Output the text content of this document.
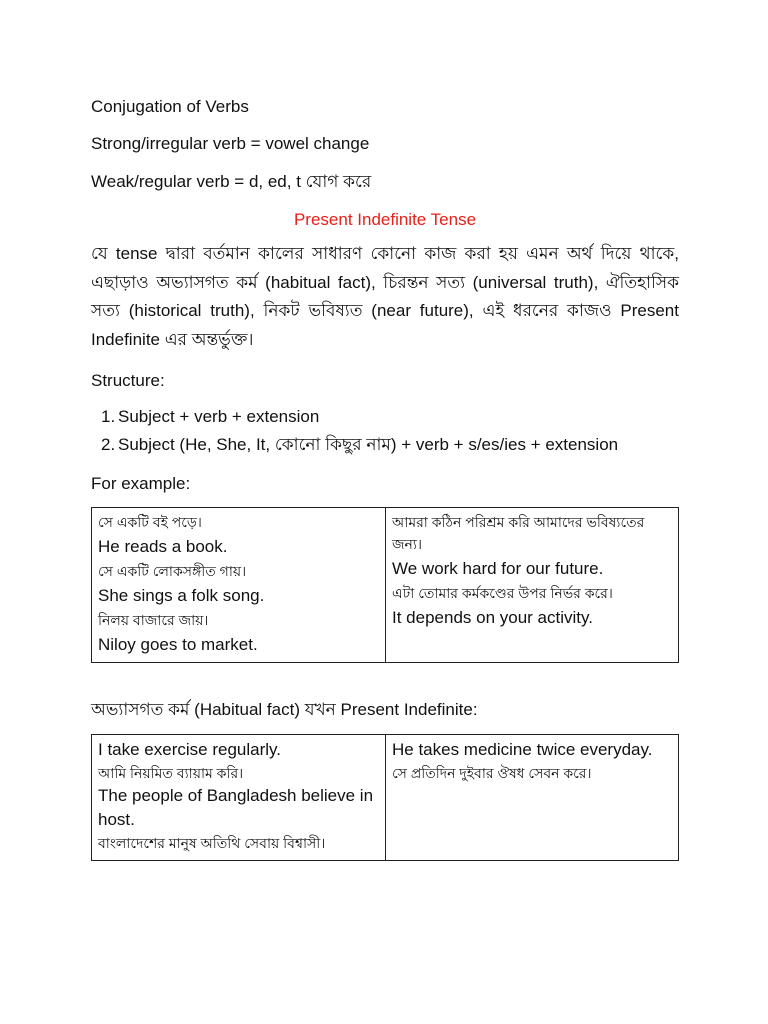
Conjugation of Verbs
Strong/irregular verb = vowel change
Weak/regular verb = d, ed, t যোগ করে
Present Indefinite Tense
যে tense দ্বারা বর্তমান কালের সাধারণ কোনো কাজ করা হয় এমন অর্থ দিয়ে থাকে, এছাড়াও অভ্যাসগত কর্ম (habitual fact), চিরন্তন সত্য (universal truth), ঐতিহাসিক সত্য (historical truth), নিকট ভবিষ্যত (near future), এই ধরনের কাজও Present Indefinite এর অন্তর্ভুক্ত।
Structure:
1. Subject + verb + extension
2. Subject (He, She, It, কোনো কিছুর নাম) + verb + s/es/ies + extension
For example:
সে একটি বই পড়ে।
He reads a book.
সে একটি লোকসঙ্গীত গায়।
She sings a folk song.
নিলয় বাজারে জায়।
Niloy goes to market.

আমরা কঠিন পরিশ্রম করি আমাদের ভবিষ্যতের জন্য।
We work hard for our future.
এটা তোমার কর্মকণ্ডের উপর নির্ভর করে।
It depends on your activity.
অভ্যাসগত কর্ম (Habitual fact) যখন Present Indefinite:
I take exercise regularly.
আমি নিয়মিত ব্যায়াম করি।
The people of Bangladesh believe in host.
বাংলাদেশের মানুষ অতিথি সেবায় বিশ্বাসী।

He takes medicine twice everyday.
সে প্রতিদিন দুইবার ঔষধ সেবন করে।
